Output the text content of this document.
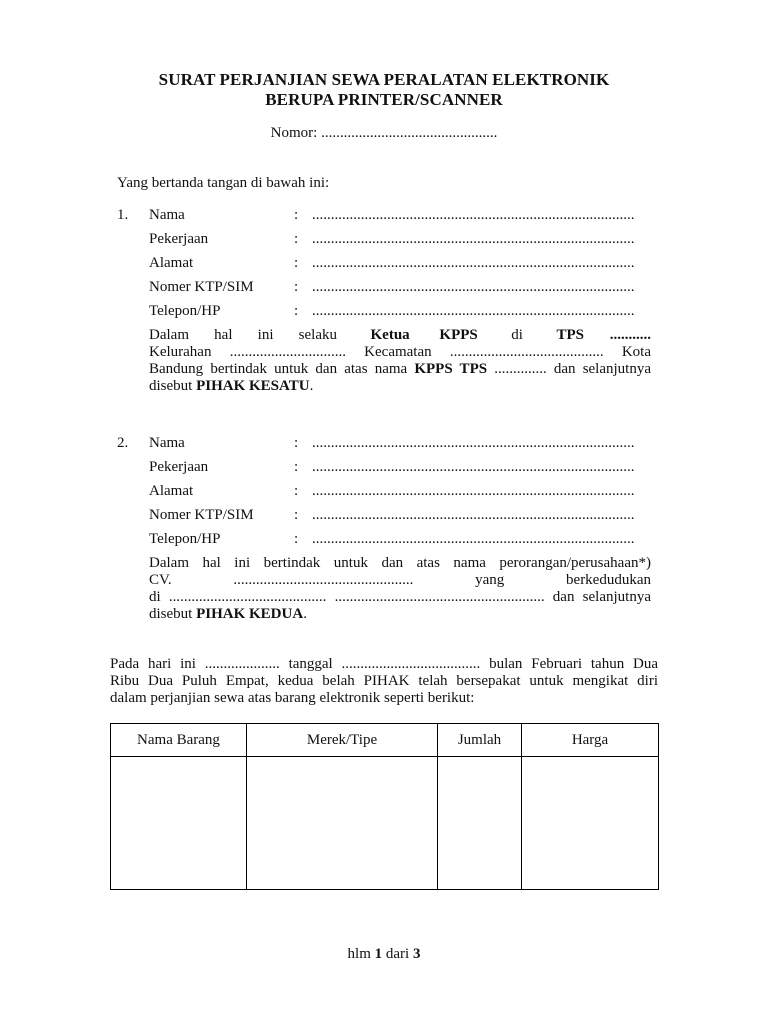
SURAT PERJANJIAN SEWA PERALATAN ELEKTRONIK
BERUPA PRINTER/SCANNER
Nomor: ...............................................
Yang bertanda tangan di bawah ini:
1. Nama	: ......................................................................................
Pekerjaan	: ......................................................................................
Alamat	: ......................................................................................
Nomer KTP/SIM	: ......................................................................................
Telepon/HP	: ......................................................................................
Dalam hal ini selaku Ketua KPPS di TPS ...........
Kelurahan ............................... Kecamatan ......................................... Kota
Bandung bertindak untuk dan atas nama KPPS TPS .............. dan selanjutnya
disebut PIHAK KESATU.
2. Nama	: ......................................................................................
Pekerjaan	: ......................................................................................
Alamat	: ......................................................................................
Nomer KTP/SIM	: ......................................................................................
Telepon/HP	: ......................................................................................
Dalam hal ini bertindak untuk dan atas nama perorangan/perusahaan*)
CV. ................................................ yang berkedudukan
di .......................................... ........................................................ dan selanjutnya
disebut PIHAK KEDUA.
Pada hari ini .................... tanggal ..................................... bulan Februari tahun Dua
Ribu Dua Puluh Empat, kedua belah PIHAK telah bersepakat untuk mengikat diri
dalam perjanjian sewa atas barang elektronik seperti berikut:
Nama Barang	Merek/Tipe	Jumlah	Harga

hlm 1 dari 3
